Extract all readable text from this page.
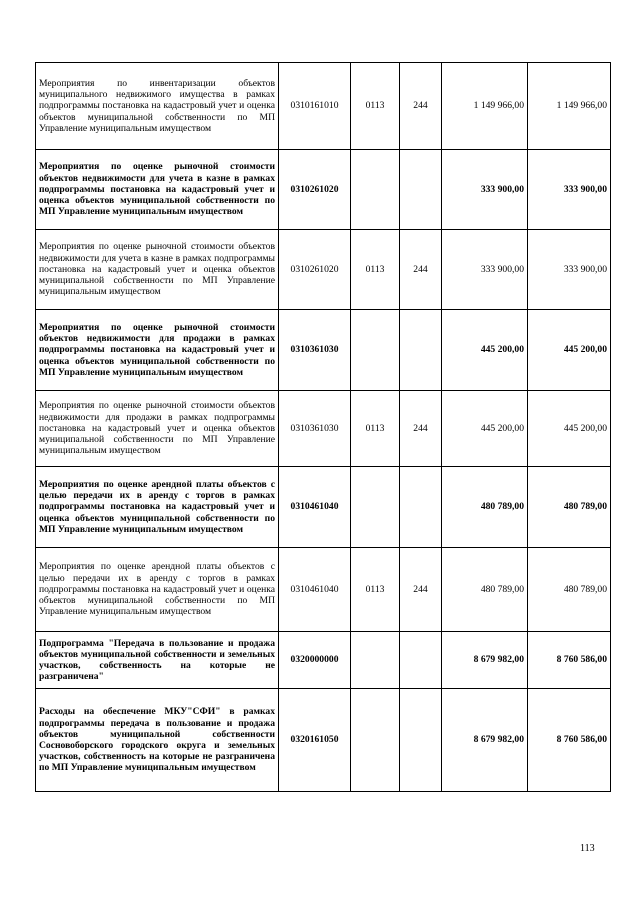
Мероприятия по инвентаризации объектов муниципального недвижимого имущества в рамках подпрограммы постановка на кадастровый учет и оценка объектов муниципальной собственности по МП Управление муниципальным имуществом	0310161010	0113	244	1 149 966,00	1 149 966,00
Мероприятия по оценке рыночной стоимости объектов недвижимости для учета в казне в рамках подпрограммы постановка на кадастровый учет и оценка объектов муниципальной собственности по МП Управление муниципальным имуществом	0310261020			333 900,00	333 900,00
Мероприятия по оценке рыночной стоимости объектов недвижимости для учета в казне в рамках подпрограммы постановка на кадастровый учет и оценка объектов муниципальной собственности по МП Управление муниципальным имуществом	0310261020	0113	244	333 900,00	333 900,00
Мероприятия по оценке рыночной стоимости объектов недвижимости для продажи в рамках подпрограммы постановка на кадастровый учет и оценка объектов муниципальной собственности по МП Управление муниципальным имуществом	0310361030			445 200,00	445 200,00
Мероприятия по оценке рыночной стоимости объектов недвижимости для продажи в рамках подпрограммы постановка на кадастровый учет и оценка объектов муниципальной собственности по МП Управление муниципальным имуществом	0310361030	0113	244	445 200,00	445 200,00
Мероприятия по оценке арендной платы объектов с целью передачи их в аренду с торгов в рамках подпрограммы постановка на кадастровый учет и оценка объектов муниципальной собственности по МП Управление муниципальным имуществом	0310461040			480 789,00	480 789,00
Мероприятия по оценке арендной платы объектов с целью передачи их в аренду с торгов в рамках подпрограммы постановка на кадастровый учет и оценка объектов муниципальной собственности по МП Управление муниципальным имуществом	0310461040	0113	244	480 789,00	480 789,00
Подпрограмма "Передача в пользование и продажа объектов муниципальной собственности и земельных участков, собственность на которые не разграничена"	0320000000			8 679 982,00	8 760 586,00
Расходы на обеспечение МКУ"СФИ" в рамках подпрограммы передача в пользование и продажа объектов муниципальной собственности Сосновоборского городского округа и земельных участков, собственность на которые не разграничена по МП Управление муниципальным имуществом	0320161050			8 679 982,00	8 760 586,00
113
